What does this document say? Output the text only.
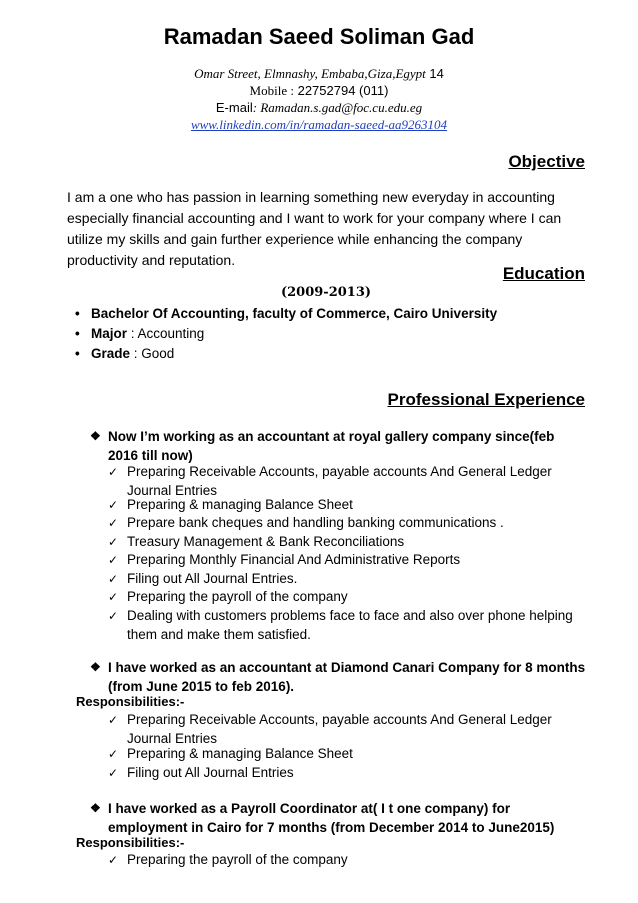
Ramadan Saeed Soliman Gad
Omar Street, Elmnashy, Embaba,Giza,Egypt 14
Mobile : 22752794 (011)
E-mail: Ramadan.s.gad@foc.cu.edu.eg
www.linkedin.com/in/ramadan-saeed-aa9263104
Objective
I am a one who has passion in learning something new everyday in accounting especially financial accounting and I want to work for your company where I can utilize my skills and gain further experience while enhancing the company productivity and reputation.
Education
(2009-2013)
• Bachelor Of Accounting, faculty of Commerce, Cairo University
• Major : Accounting
• Grade : Good
Professional Experience
❖ Now I’m working as an accountant at royal gallery company since(feb 2016 till now)
✓ Preparing Receivable Accounts, payable accounts And General Ledger Journal Entries
✓ Preparing & managing Balance Sheet
✓ Prepare bank cheques and handling banking communications .
✓ Treasury Management & Bank Reconciliations
✓ Preparing Monthly Financial And Administrative Reports
✓ Filing out All Journal Entries.
✓ Preparing the payroll of the company
✓ Dealing with customers problems face to face and also over phone helping them and make them satisfied.
❖ I have worked as an accountant at Diamond Canari Company for 8 months (from June 2015 to feb 2016).
Responsibilities:-
✓ Preparing Receivable Accounts, payable accounts And General Ledger Journal Entries
✓ Preparing & managing Balance Sheet
✓ Filing out All Journal Entries
❖ I have worked as a Payroll Coordinator at( I t one company) for employment in Cairo for 7 months (from December 2014 to June2015)
Responsibilities:-
✓ Preparing the payroll of the company
